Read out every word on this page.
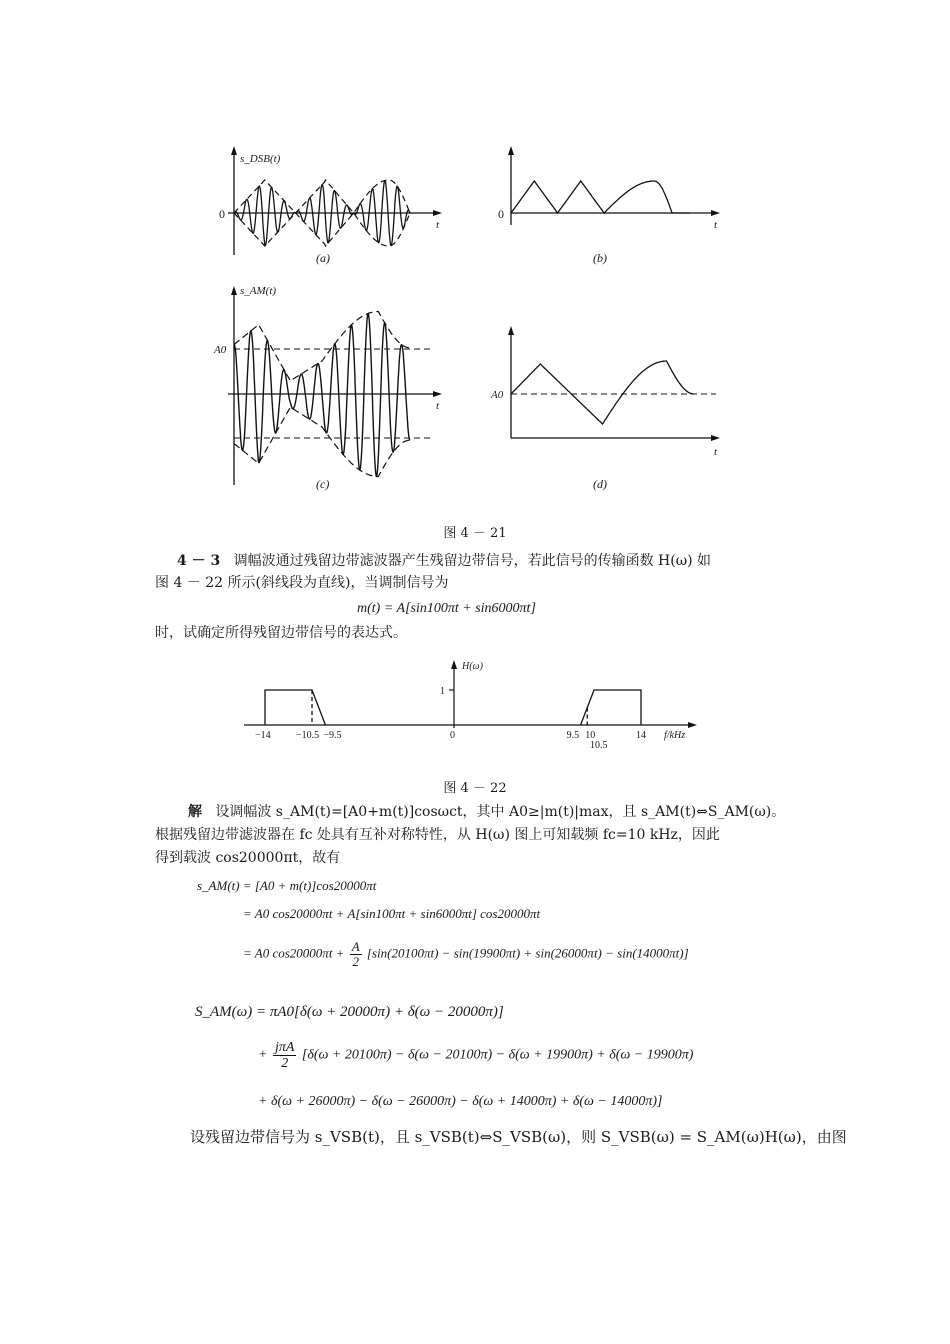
s_DSB(t)
0
t
(a)
0
t
(b)
s_AM(t)
A0
t
(c)
A0
t
(d)
图 4 － 21
4 － 3 调幅波通过残留边带滤波器产生残留边带信号，若此信号的传输函数 H(ω) 如
图 4 － 22 所示(斜线段为直线)，当调制信号为
m(t) = A[sin100πt + sin6000πt]
时，试确定所得残留边带信号的表达式。
H(ω)
1
−14	−10.5 −9.5	0	9.5 10
10.5
14 f/kHz
图 4 － 22
解 设调幅波 s_AM(t)=[A0+m(t)]cosωct，其中 A0≥|m(t)|max，且 s_AM(t)⇔S_AM(ω)。
根据残留边带滤波器在 fc 处具有互补对称特性，从 H(ω) 图上可知载频 fc=10 kHz，因此
得到载波 cos20000πt，故有
s_AM(t) = [A0 + m(t)]cos20000πt
= A0 cos20000πt + A[sin100πt + sin6000πt] cos20000πt
= A0 $\cos 20000\pi t + \frac{A}{2} [\sin(20100\pi t) - \sin(19900\pi t) + \sin(26000\pi t) - \sin(14000\pi t)]$
S_AM(ω) = πA0[δ(ω + 20000π) + δ(ω − 20000π)]
+
jπA
2
[δ(ω + 20100π) − δ(ω − 20100π) − δ(ω + 19900π) + δ(ω − 19900π)
+ δ(ω + 26000π) − δ(ω − 26000π) − δ(ω + 14000π) + δ(ω − 14000π)]
设残留边带信号为 s_VSB(t)，且 s_VSB(t)⇔S_VSB(ω)，则 S_VSB(ω) = S_AM(ω)H(ω)，由图
